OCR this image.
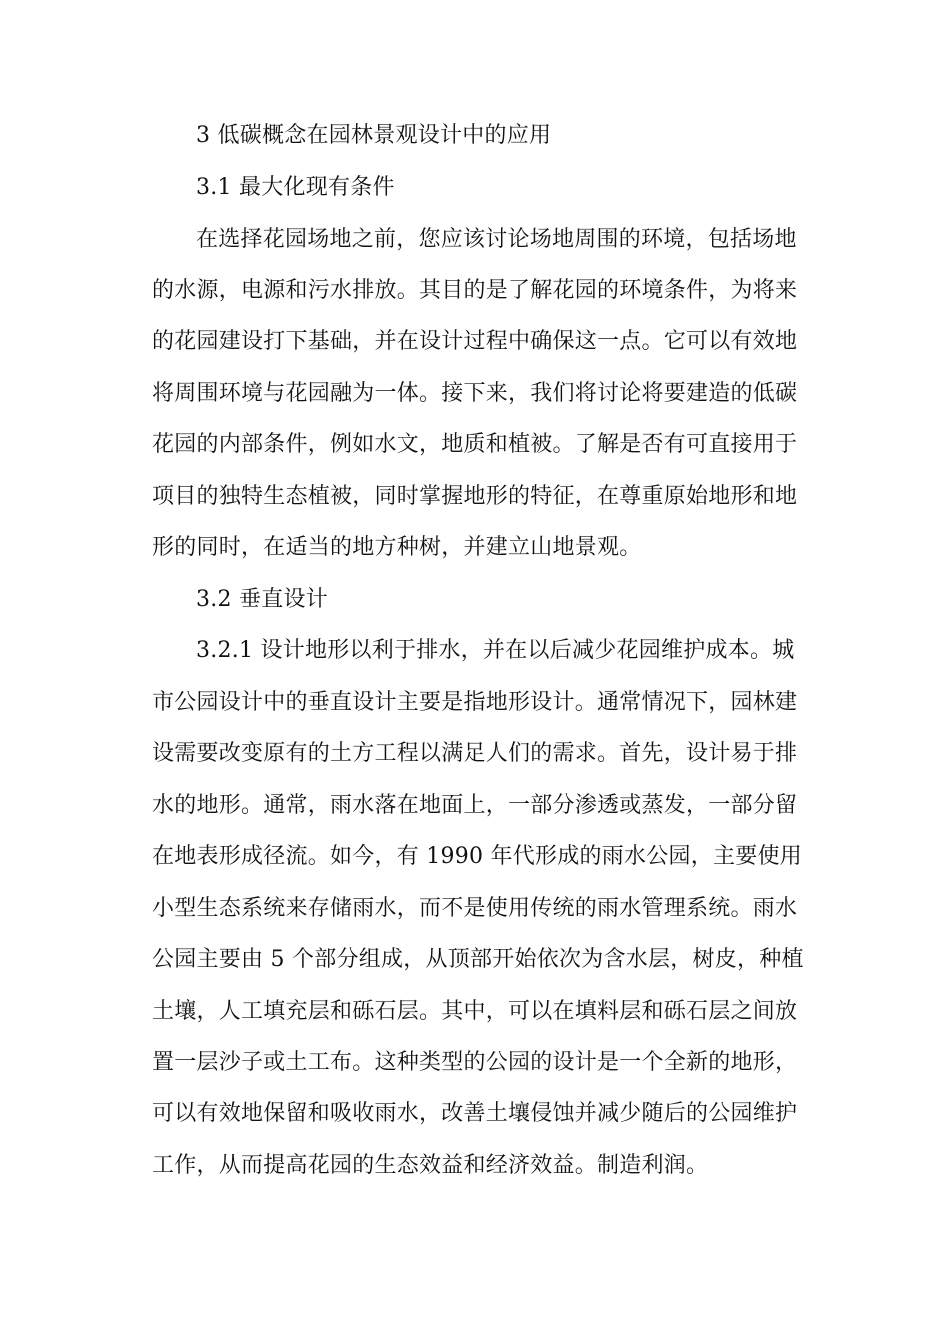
3 低碳概念在园林景观设计中的应用
3.1 最大化现有条件
在选择花园场地之前，您应该讨论场地周围的环境，包括场地
的水源，电源和污水排放。其目的是了解花园的环境条件，为将来
的花园建设打下基础，并在设计过程中确保这一点。它可以有效地
将周围环境与花园融为一体。接下来，我们将讨论将要建造的低碳
花园的内部条件，例如水文，地质和植被。了解是否有可直接用于
项目的独特生态植被，同时掌握地形的特征，在尊重原始地形和地
形的同时，在适当的地方种树，并建立山地景观。
3.2 垂直设计
3.2.1 设计地形以利于排水，并在以后减少花园维护成本。城
市公园设计中的垂直设计主要是指地形设计。通常情况下，园林建
设需要改变原有的土方工程以满足人们的需求。首先，设计易于排
水的地形。通常，雨水落在地面上，一部分渗透或蒸发，一部分留
在地表形成径流。如今，有 1990 年代形成的雨水公园，主要使用
小型生态系统来存储雨水，而不是使用传统的雨水管理系统。雨水
公园主要由 5 个部分组成，从顶部开始依次为含水层，树皮，种植
土壤，人工填充层和砾石层。其中，可以在填料层和砾石层之间放
置一层沙子或土工布。这种类型的公园的设计是一个全新的地形，
可以有效地保留和吸收雨水，改善土壤侵蚀并减少随后的公园维护
工作，从而提高花园的生态效益和经济效益。制造利润。
